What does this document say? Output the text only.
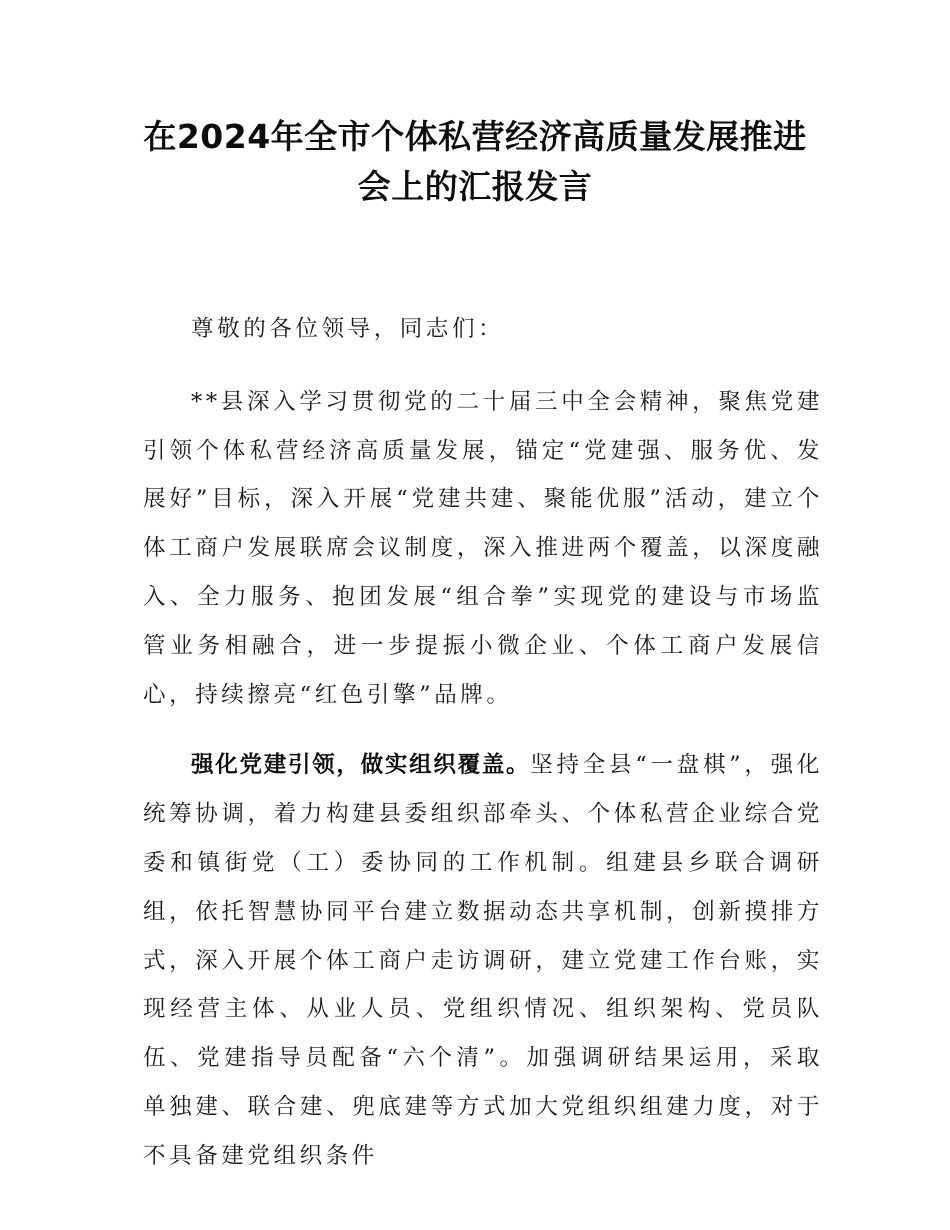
在2024年全市个体私营经济高质量发展推进
会上的汇报发言

尊敬的各位领导，同志们：

**县深入学习贯彻党的二十届三中全会精神，聚焦党建引领个体私营经济高质量发展，锚定“党建强、服务优、发展好”目标，深入开展“党建共建、聚能优服”活动，建立个体工商户发展联席会议制度，深入推进两个覆盖，以深度融入、全力服务、抱团发展“组合拳”实现党的建设与市场监管业务相融合，进一步提振小微企业、个体工商户发展信心，持续擦亮“红色引擎”品牌。

强化党建引领，做实组织覆盖。坚持全县“一盘棋”，强化统筹协调，着力构建县委组织部牵头、个体私营企业综合党委和镇街党（工）委协同的工作机制。组建县乡联合调研组，依托智慧协同平台建立数据动态共享机制，创新摸排方式，深入开展个体工商户走访调研，建立党建工作台账，实现经营主体、从业人员、党组织情况、组织架构、党员队伍、党建指导员配备“六个清”。加强调研结果运用，采取单独建、联合建、兜底建等方式加大党组织组建力度，对于不具备建党组织条件
